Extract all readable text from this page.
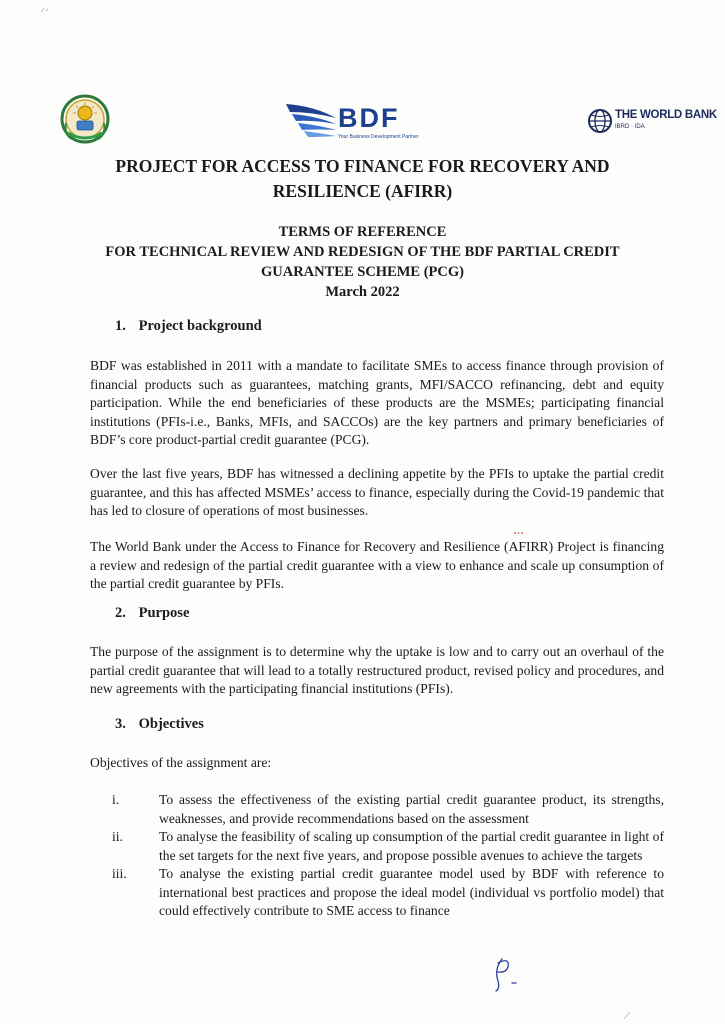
BDF
Your Business Development Partner
THE WORLD BANK
IBRD · IDA
PROJECT FOR ACCESS TO FINANCE FOR RECOVERY AND
RESILIENCE (AFIRR)
TERMS OF REFERENCE
FOR TECHNICAL REVIEW AND REDESIGN OF THE BDF PARTIAL CREDIT
GUARANTEE SCHEME (PCG)
March 2022
1. Project background

BDF was established in 2011 with a mandate to facilitate SMEs to access finance through provision of financial products such as guarantees, matching grants, MFI/SACCO refinancing, debt and equity participation. While the end beneficiaries of these products are the MSMEs; participating financial institutions (PFIs-i.e., Banks, MFIs, and SACCOs) are the key partners and primary beneficiaries of BDF’s core product-partial credit guarantee (PCG).

Over the last five years, BDF has witnessed a declining appetite by the PFIs to uptake the partial credit guarantee, and this has affected MSMEs’ access to finance, especially during the Covid-19 pandemic that has led to closure of operations of most businesses.

The World Bank under the Access to Finance for Recovery and Resilience (AFIRR) Project is financing a review and redesign of the partial credit guarantee with a view to enhance and scale up consumption of the partial credit guarantee by PFIs.

2. Purpose

The purpose of the assignment is to determine why the uptake is low and to carry out an overhaul of the partial credit guarantee that will lead to a totally restructured product, revised policy and procedures, and new agreements with the participating financial institutions (PFIs).

3. Objectives

Objectives of the assignment are:

i.	To assess the effectiveness of the existing partial credit guarantee product, its strengths, weaknesses, and provide recommendations based on the assessment
ii.	To analyse the feasibility of scaling up consumption of the partial credit guarantee in light of the set targets for the next five years, and propose possible avenues to achieve the targets
iii.	To analyse the existing partial credit guarantee model used by BDF with reference to international best practices and propose the ideal model (individual vs portfolio model) that could effectively contribute to SME access to finance
